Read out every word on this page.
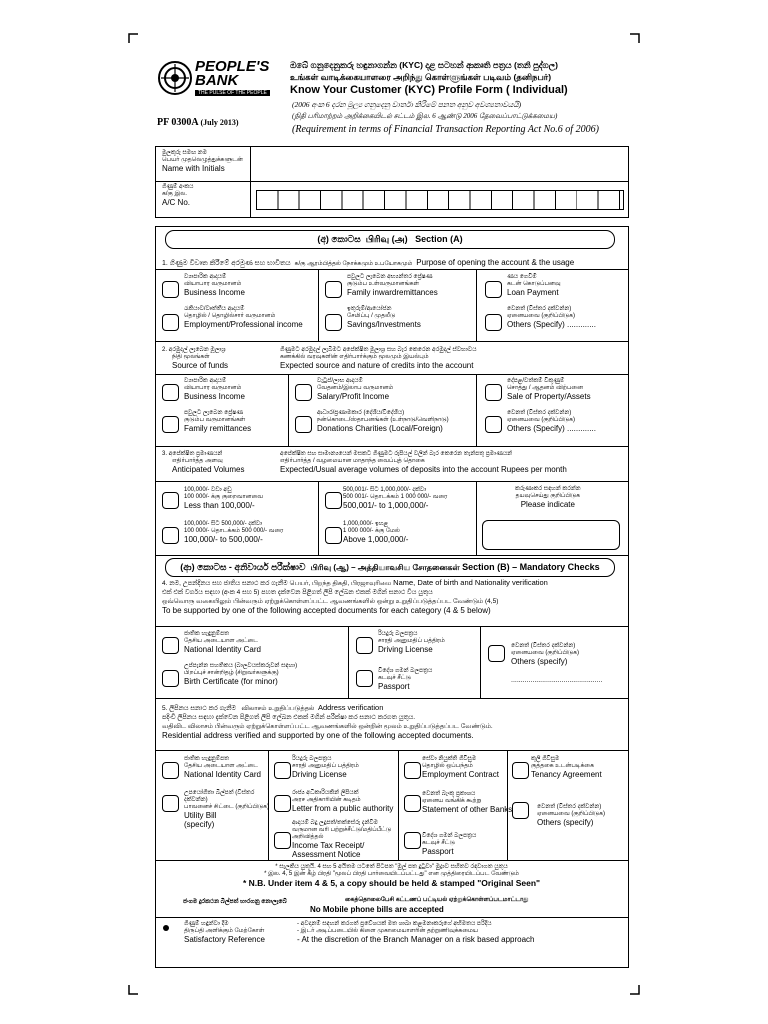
PEOPLE'S BANK
THE PULSE OF THE PEOPLE
PF 0300A (July 2013)
ඔබේ ගනුදෙනුකරු හඳුනාගන්න (KYC) දළ සටහන් ආකෘති පත්‍රය (තනි පුද්ගල)
உங்கள் வாடிக்கையாளரை அறிந்து கொள்ளுங்கள் படிவம் (தனிநபர்)
Know Your Customer (KYC) Profile Form ( Individual)
(2006 අංක 6 දරන මූල්‍ය ගනුදෙනු වාර්තා කිරීමේ පනත අනුව අවශ්‍යතාවයයි)
(நிதி பரிமாற்றம் அறிக்கையிடல் சட்டம் இல. 6 ஆண்டு 2006 தேவைப்பாட்டுக்கமைய)
(Requirement in terms of Financial Transaction Reporting Act No.6 of 2006)
මුලකුරු සමඟ නම
பெயர் முதலெழுத்துக்களுடன்
Name with Initials
ගිණුම් අංකය
க/கு இல.
A/C No.
(අ) කොටස பிரிவு (அ) Section (A)
1. ගිණුම විවෘත කිරීමේ අරමුණ සහ භාවිතය க/கு ஆரம்பித்தல் நோக்கமும் உபயோகமும் Purpose of opening the account & the usage
ව්‍යාපාරික ආදායම්
வியாபார வருமானம்
Business Income
පවුලට ලැබෙන අභ්‍යන්තර ප්‍රේෂණ
குடும்ப உள்வருமானங்கள்
Family inwardremittances
ණය ගෙවීම්
கடன் கொடுப்பனவு
Loan Payment
රැකියාව/වෘත්තීය ආදායම්
தொழில் / தொழில்சார் வருமானம்
Employment/Professional income
ඉතුරුම්/ආයෝජන
சேமிப்பு / முதலீடு
Savings/Investments
වෙනත් (විස්තර දක්වන්න)
ஏனையவை (குறிப்பிடுக)
Others (Specify) .............
2. අරමුදල් ලැබෙන මූලාශ්‍ර
நிதி மூலங்கள்
Source of funds
ගිණුමට අරමුදල් ලැබීමට අපේක්ෂිත මූලාශ්‍ර සහ බැර කෙරෙන අරමුදල් ස්වභාවය
கணக்கில் வரவுகளின் எதிர்பார்க்கும் மூலமும் இயல்பும்
Expected source and nature of credits into the account
ව්‍යාපාරික ආදායම්
வியாபார வருமானம்
Business Income
වැටුප්/ලාභ ආදායම්
வேதனம்/இலாப வருமானம்
Salary/Profit Income
දේපළ/වත්කම් විකුණුම්
சொத்து / ஆதனம் விற்பனை
Sale of Property/Assets
පවුලට ලැබෙන ප්‍රේෂණ
குடும்ப வருமானங்கள்
Family remittances
ආධාර/ප්‍රණාමකාර (දේශීය/විදේශීය)
நன்கொடை/ஸ்தாபனங்கள் (உள்நாடு/வெளிநாடு)
Donations Charities (Local/Foreign)
වෙනත් (විස්තර දක්වන්න)
ஏனையவை (குறிப்பிடுக)
Others (Specify) .............
3. අපේක්ෂිත ප්‍රමාණයන්
எதிர்பார்த்த அளவு
Anticipated Volumes
අපේක්ෂිත සහ සාමාන්‍යයෙන් මසකට ගිණුමට රුපියල් වලින් බැර කෙරෙන තැන්පතු ප්‍රමාණයන්
எதிர்பார்த்த / வழமையான மாதாந்த வைப்புத் தொகை
Expected/Usual average volumes of deposits into the account Rupees per month
100,000/- වඩා අඩු
100 000/- க்கு குறைவானவை
Less than 100,000/-
500,001/- සිට 1,000,000/- දක්වා
500 001/- தொடக்கம் 1 000 000/- வரை
500,001/- to 1,000,000/-
100,000/- සිට 500,000/- දක්වා
100 000/- தொடக்கம் 500 000/- வரை
100,000/- to 500,000/-
1,000,000/- ඉහළ
1 000 000/- க்கு மேல்
Above 1,000,000/-
කරුණාකර සඳහන් කරන්න
தயவுசெய்து குறிப்பிடுக
Please indicate
(ආ) කොටස - අනිවාර්ය පරීක්ෂාව பிரிவு (ஆ) – அத்தியாவசிய சோதனைகள் Section (B) – Mandatory Checks
4. නම, උපන්දිනය සහ ජාතිය සනාථ කර ගැනීම பெயர், பிறந்த திகதி, பிரஜாவுரிமை Name, Date of birth and Nationality verification
එක් එක් වර්ගය සඳහා (අංක 4 සහ 5) පහත දැක්වෙන පිළිගත් ලිපි ලේඛන එකක් මගින් සනාථ විය යුතුය
ஒவ்வொரு வகையிலும் பின்வரும் ஏற்றுக்கொள்ளப்பட்ட ஆவணங்களில் ஒன்று உறுதிப்படுத்தப்பட வேண்டும் (4,5)
To be supported by one of the following accepted documents for each category (4 & 5 below)
ජාතික හැඳුනුම්පත
தேசிய அடையாள அட்டை
National Identity Card
රියදුරු බලපත්‍රය
சாரதி அனுமதிப் பத்திரம்
Driving License	වෙනත් (විස්තර දක්වන්න)
ஏனையவை (குறிப்பிடுக)
Others (specify)
...............................................
උප්පැන්න සහතිකය (බාලවයස්කරුවන් සඳහා)
பிறப்புச் சான்றிதழ் (சிறுவர்களுக்கு)
Birth Certificate (for minor)
විදේශ ගමන් බලපත්‍රය
கடவுச் சீட்டு
Passport
5. ලිපිනය සනාථ කර ගැනීම விலாசம் உறுதிப்படுத்தல் Address verification
පදිංචි ලිපිනය සඳහා දැක්වෙන පිළිගත් ලිපි ලේඛන එකක් මගින් පරීක්ෂා කර සනාථ කරගත යුතුය.
வதிவிட விலாசம் பின்வரும் ஏற்றுக்கொள்ளப்பட்ட ஆவணங்களில் ஒன்றின் மூலம் உறுதிப்படுத்தப்பட வேண்டும்.
Residential address verified and supported by one of the following accepted documents.
ජාතික හැඳුනුම්පත
தேசிய அடையாள அட்டை
National Identity Card
රියදුරු බලපත්‍රය
சாரதி அனுமதிப் பத்திரம்
Driving License
සේවා නියුක්ති ගිවිසුම
தொழில் ஒப்பந்தம்
Employment Contract
කුලී ගිවිසුම
குத்தகை உடன்படிக்கை
Tenancy Agreement
උපයෝගිතා බිල්පත් (විස්තර දක්වන්න)
பாவனைச் சிட்டை (குறிப்பிடுக)
Utility Bill (specify)
රාජ්‍ය අධිකාරියකින් ලිපියක්
அரச அதிகாரியின் கடிதம்
Letter from a public authority
වෙනත් බැංකු ප්‍රකාශය
ஏனைய வங்கிக் கூற்று
Statement of other Banks	වෙනත් (විස්තර දක්වන්න)
ஏனையவை (குறிப்பிடுக)
Others (specify)
ආදායම් බදු ලදුපත්/තක්සේරු දැන්වීම
வருமான வரி பற்றுச்சீட்டு/மதிப்பீட்டு அறிவித்தல்
Income Tax Receipt/ Assessment Notice
විදේශ ගමන් බලපත්‍රය
கடவுச் சீட்டு
Passport
* සැලකිය යුතුයි. 4 සහ 5 අයිතම යටතේ පිටපත "මුල් පත දුටුවා" මුද්‍රාව සහිතව රඳවාගත යුතුය
* இல. 4, 5 இன் கீழ் பிரதி "மூலப் பிரதி பார்வையிடப்பட்டது" என முத்திரையிடப்பட வேண்டும்
* N.B. Under item 4 & 5, a copy should be held & stamped "Original Seen"
ජංගම දුරකථන බිල්පත් භාරගනු නොලැබේ	கைத்தொலைபேசி கட்டணப் பட்டியல் ஏற்றுக்கொள்ளப்படமாட்டாது
No Mobile phone bills are accepted
ගිණුම් හඳුන්වා දීම
திருப்தி அளிக்கும் மேற்கோள்
Satisfactory Reference
- අවදානම් සඳහන් කරගත් ප්‍රවේශයක් මත ශාඛා කළමනාකරුගේ අභිමතය පරිදිය
- இடர் அடிப்படையில் கிளை முகாமையாளரின் தற்றுணிவுக்கமைய
- At the discretion of the Branch Manager on a risk based approach
